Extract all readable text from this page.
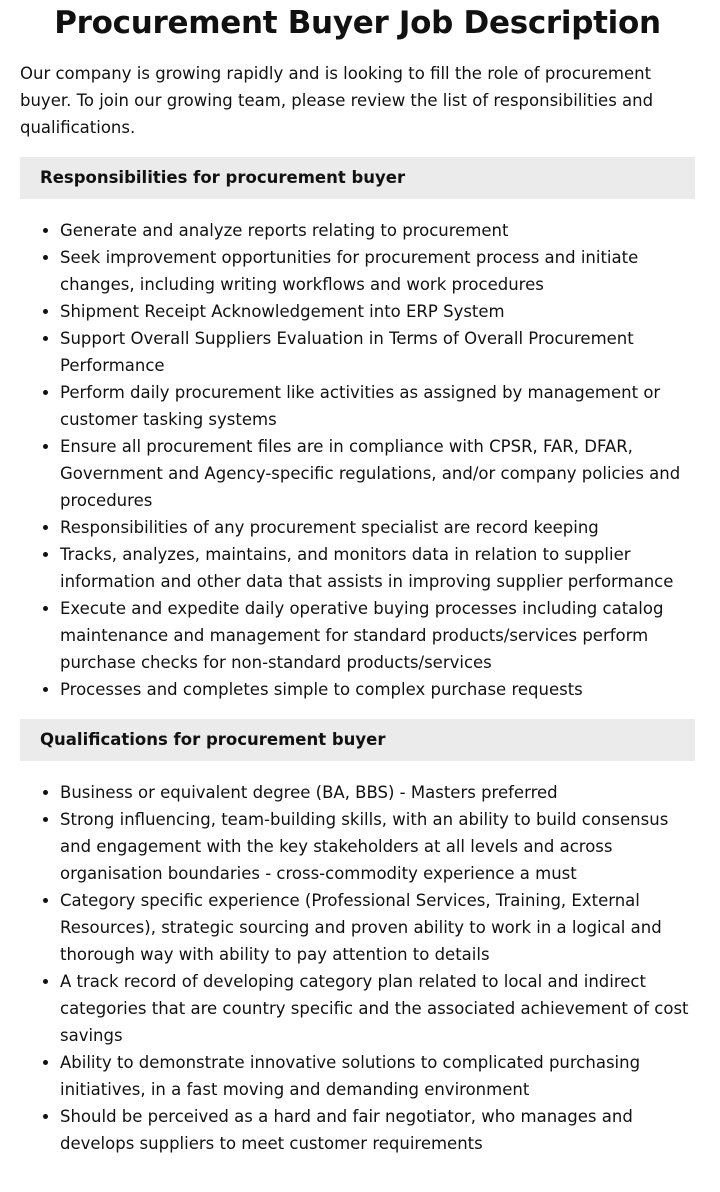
Procurement Buyer Job Description

Our company is growing rapidly and is looking to fill the role of procurement buyer. To join our growing team, please review the list of responsibilities and qualifications.

Responsibilities for procurement buyer
• Generate and analyze reports relating to procurement
• Seek improvement opportunities for procurement process and initiate changes, including writing workflows and work procedures
• Shipment Receipt Acknowledgement into ERP System
• Support Overall Suppliers Evaluation in Terms of Overall Procurement Performance
• Perform daily procurement like activities as assigned by management or customer tasking systems
• Ensure all procurement files are in compliance with CPSR, FAR, DFAR, Government and Agency-specific regulations, and/or company policies and procedures
• Responsibilities of any procurement specialist are record keeping
• Tracks, analyzes, maintains, and monitors data in relation to supplier information and other data that assists in improving supplier performance
• Execute and expedite daily operative buying processes including catalog maintenance and management for standard products/services perform purchase checks for non-standard products/services
• Processes and completes simple to complex purchase requests
Qualifications for procurement buyer
• Business or equivalent degree (BA, BBS) - Masters preferred
• Strong influencing, team-building skills, with an ability to build consensus and engagement with the key stakeholders at all levels and across organisation boundaries - cross-commodity experience a must
• Category specific experience (Professional Services, Training, External Resources), strategic sourcing and proven ability to work in a logical and thorough way with ability to pay attention to details
• A track record of developing category plan related to local and indirect categories that are country specific and the associated achievement of cost savings
• Ability to demonstrate innovative solutions to complicated purchasing initiatives, in a fast moving and demanding environment
• Should be perceived as a hard and fair negotiator, who manages and develops suppliers to meet customer requirements
